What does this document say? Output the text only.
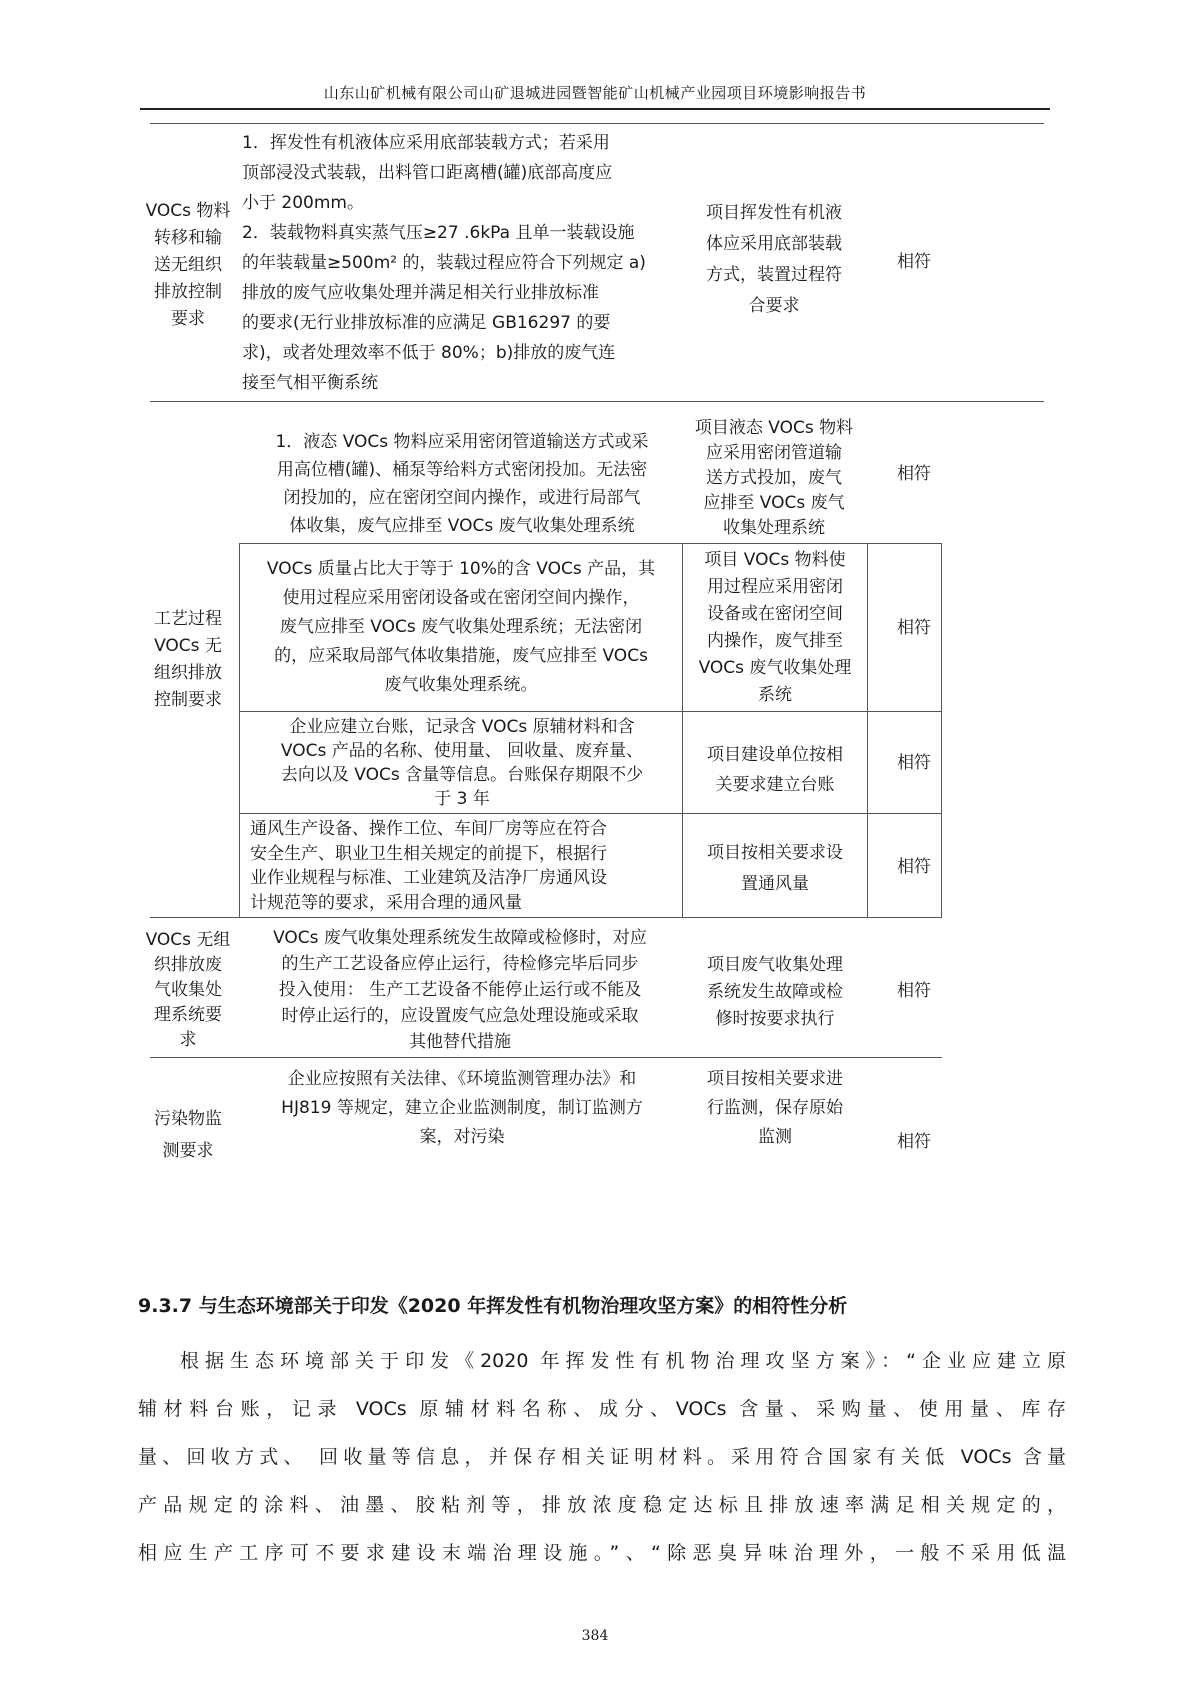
山东山矿机械有限公司山矿退城进园暨智能矿山机械产业园项目环境影响报告书
VOCs 物料
转移和输
送无组织
排放控制
要求
1．挥发性有机液体应采用底部装载方式；若采用
顶部浸没式装载，出料管口距离槽(罐)底部高度应
小于 200mm。
2．装载物料真实蒸气压≥27 .6kPa 且单一装载设施
的年装载量≥500m² 的，装载过程应符合下列规定 a)
排放的废气应收集处理并满足相关行业排放标准
的要求(无行业排放标准的应满足 GB16297 的要
求)，或者处理效率不低于 80%；b)排放的废气连
接至气相平衡系统
项目挥发性有机液
体应采用底部装载
方式，装置过程符
合要求
相符
工艺过程
VOCs 无
组织排放
控制要求
1．液态 VOCs 物料应采用密闭管道输送方式或采
用高位槽(罐)、桶泵等给料方式密闭投加。无法密
闭投加的，应在密闭空间内操作，或进行局部气
体收集，废气应排至 VOCs 废气收集处理系统
项目液态 VOCs 物料
应采用密闭管道输
送方式投加，废气
应排至 VOCs 废气
收集处理系统
相符
VOCs 质量占比大于等于 10%的含 VOCs 产品，其
使用过程应采用密闭设备或在密闭空间内操作，
废气应排至 VOCs 废气收集处理系统；无法密闭
的，应采取局部气体收集措施，废气应排至 VOCs
废气收集处理系统。
项目 VOCs 物料使
用过程应采用密闭
设备或在密闭空间
内操作，废气排至
VOCs 废气收集处理
系统
相符
企业应建立台账，记录含 VOCs 原辅材料和含
VOCs 产品的名称、使用量、 回收量、废弃量、
去向以及 VOCs 含量等信息。台账保存期限不少
于 3 年
项目建设单位按相
关要求建立台账
相符
通风生产设备、操作工位、车间厂房等应在符合
安全生产、职业卫生相关规定的前提下，根据行
业作业规程与标准、工业建筑及洁净厂房通风设
计规范等的要求，采用合理的通风量
项目按相关要求设
置通风量
相符
VOCs 无组
织排放废
气收集处
理系统要
求
VOCs 废气收集处理系统发生故障或检修时，对应
的生产工艺设备应停止运行，待检修完毕后同步
投入使用： 生产工艺设备不能停止运行或不能及
时停止运行的，应设置废气应急处理设施或采取
其他替代措施
项目废气收集处理
系统发生故障或检
修时按要求执行
相符
污染物监
测要求
企业应按照有关法律、《环境监测管理办法》和
HJ819 等规定，建立企业监测制度，制订监测方
案，对污染
项目按相关要求进
行监测，保存原始
监测	相符
9.3.7 与生态环境部关于印发《2020 年挥发性有机物治理攻坚方案》的相符性分析
根据生态环境部关于印发《2020 年挥发性有机物治理攻坚方案》：“企业应建立原
辅材料台账，记录 VOCs 原辅材料名称、成分、VOCs 含量、采购量、使用量、库存
量、回收方式、 回收量等信息，并保存相关证明材料。采用符合国家有关低 VOCs 含量
产品规定的涂料、油墨、胶粘剂等，排放浓度稳定达标且排放速率满足相关规定的，
相应生产工序可不要求建设末端治理设施。”、“除恶臭异味治理外，一般不采用低温
384
